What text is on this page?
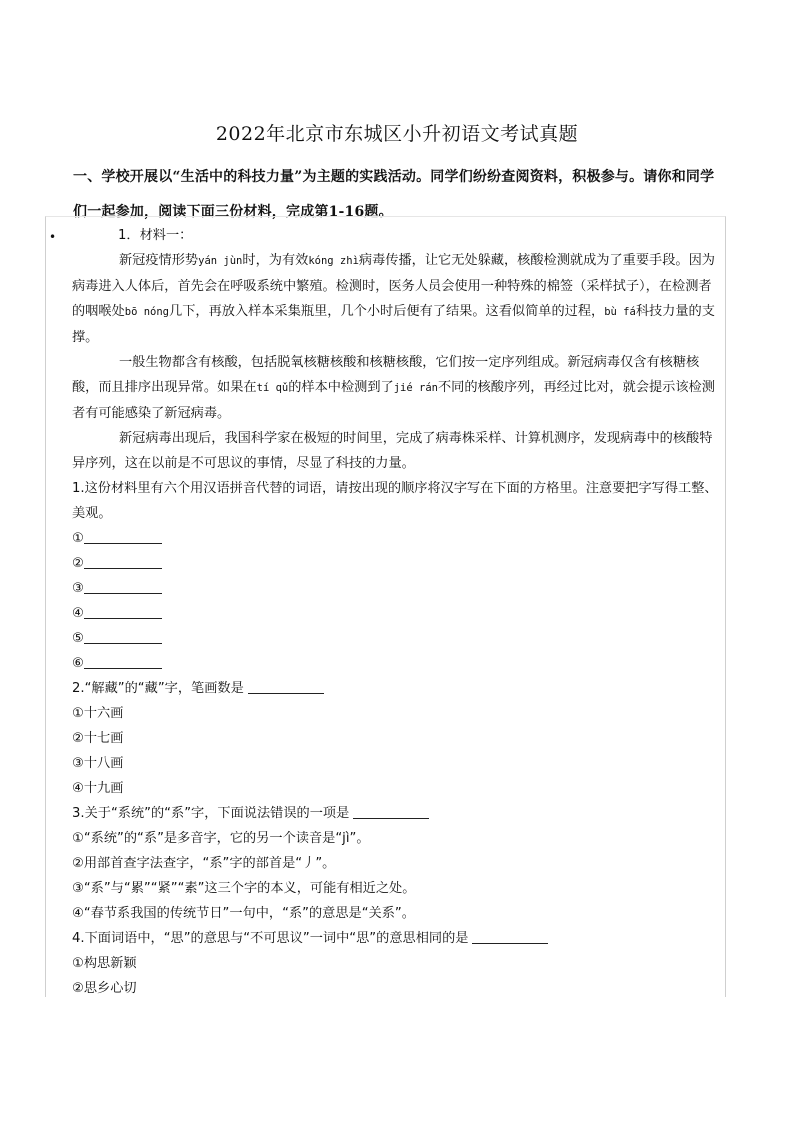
2022年北京市东城区小升初语文考试真题
一、学校开展以“生活中的科技力量”为主题的实践活动。同学们纷纷查阅资料，积极参与。请你和同学们一起参加，阅读下面三份材料，完成第1-16题。
•	1．材料一：

新冠疫情形势yán jùn时，为有效kóng zhì病毒传播，让它无处躲藏，核酸检测就成为了重要手段。因为病毒进入人体后，首先会在呼吸系统中繁殖。检测时，医务人员会使用一种特殊的棉签（采样拭子），在检测者的咽喉处bō nóng几下，再放入样本采集瓶里，几个小时后便有了结果。这看似简单的过程，bù fá科技力量的支撑。

一般生物都含有核酸，包括脱氧核糖核酸和核糖核酸，它们按一定序列组成。新冠病毒仅含有核糖核酸，而且排序出现异常。如果在tí qǔ的样本中检测到了jié rán不同的核酸序列，再经过比对，就会提示该检测者有可能感染了新冠病毒。

新冠病毒出现后，我国科学家在极短的时间里，完成了病毒株采样、计算机测序，发现病毒中的核酸特异序列，这在以前是不可思议的事情，尽显了科技的力量。

1.这份材料里有六个用汉语拼音代替的词语，请按出现的顺序将汉字写在下面的方格里。注意要把字写得工整、美观。

①

②

③

④

⑤

⑥

2.“解藏”的“藏”字，笔画数是

①十六画

②十七画

③十八画

④十九画

3.关于“系统”的“系”字，下面说法错误的一项是

①“系统”的“系”是多音字，它的另一个读音是“jì”。

②用部首查字法查字，“系”字的部首是“丿”。

③“系”与“累”“紧”“素”这三个字的本义，可能有相近之处。

④“春节系我国的传统节日”一句中，“系”的意思是“关系”。

4.下面词语中，“思”的意思与“不可思议”一词中“思”的意思相同的是

①构思新颖

②思乡心切
